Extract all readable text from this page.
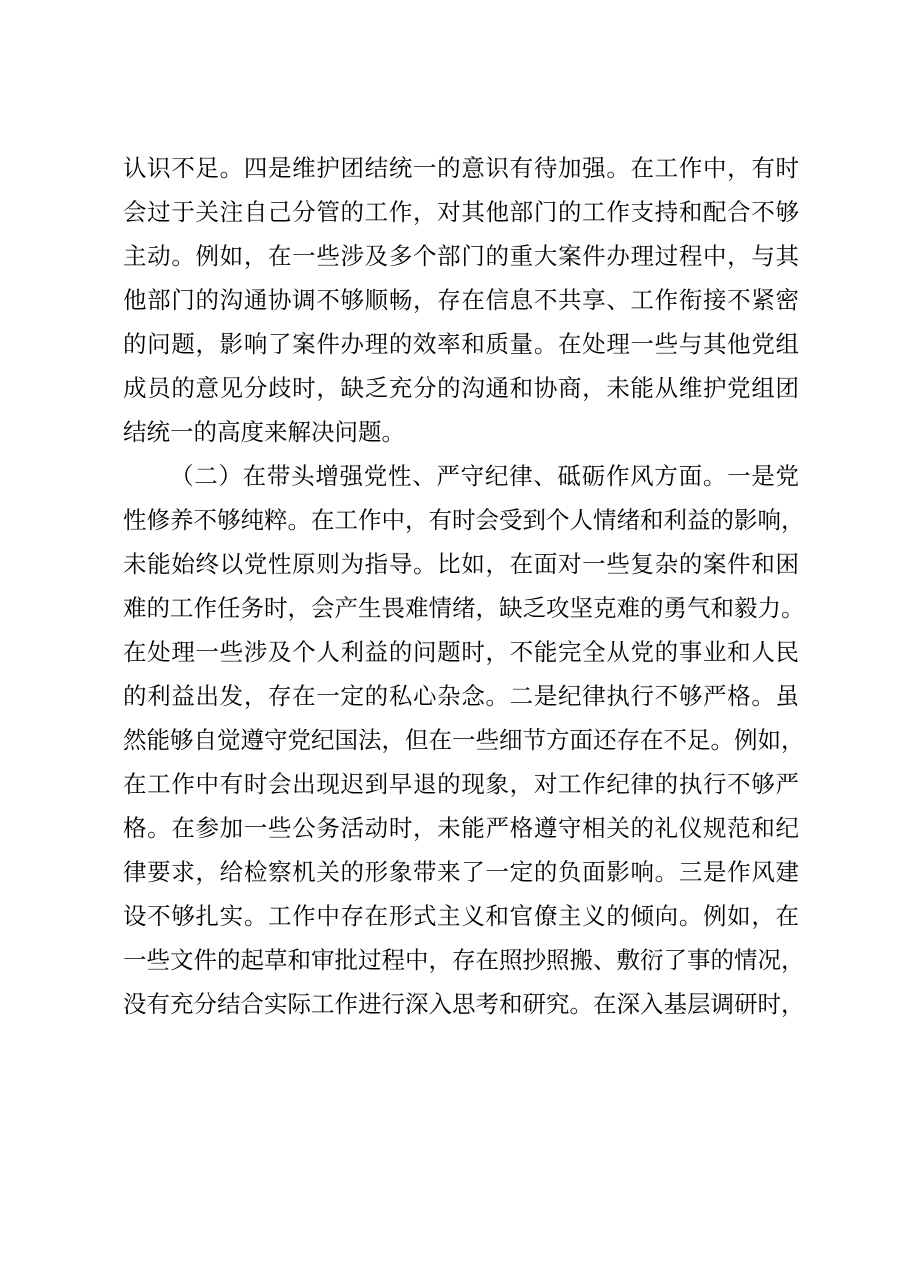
认识不足。四是维护团结统一的意识有待加强。在工作中，有时
会过于关注自己分管的工作，对其他部门的工作支持和配合不够
主动。例如，在一些涉及多个部门的重大案件办理过程中，与其
他部门的沟通协调不够顺畅，存在信息不共享、工作衔接不紧密
的问题，影响了案件办理的效率和质量。在处理一些与其他党组
成员的意见分歧时，缺乏充分的沟通和协商，未能从维护党组团
结统一的高度来解决问题。
（二）在带头增强党性、严守纪律、砥砺作风方面。一是党
性修养不够纯粹。在工作中，有时会受到个人情绪和利益的影响，
未能始终以党性原则为指导。比如，在面对一些复杂的案件和困
难的工作任务时，会产生畏难情绪，缺乏攻坚克难的勇气和毅力。
在处理一些涉及个人利益的问题时，不能完全从党的事业和人民
的利益出发，存在一定的私心杂念。二是纪律执行不够严格。虽
然能够自觉遵守党纪国法，但在一些细节方面还存在不足。例如，
在工作中有时会出现迟到早退的现象，对工作纪律的执行不够严
格。在参加一些公务活动时，未能严格遵守相关的礼仪规范和纪
律要求，给检察机关的形象带来了一定的负面影响。三是作风建
设不够扎实。工作中存在形式主义和官僚主义的倾向。例如，在
一些文件的起草和审批过程中，存在照抄照搬、敷衍了事的情况，
没有充分结合实际工作进行深入思考和研究。在深入基层调研时，
